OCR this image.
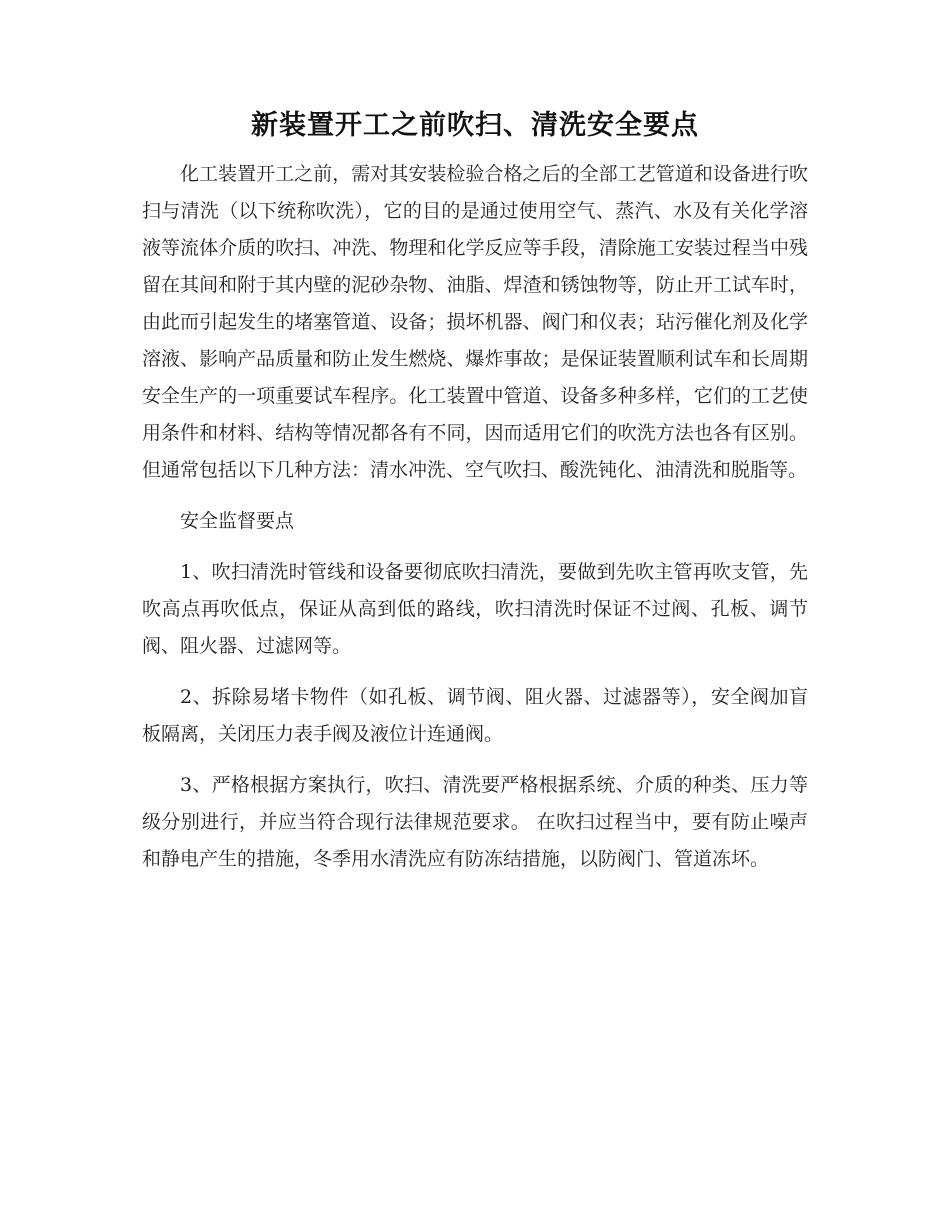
新装置开工之前吹扫、清洗安全要点

化工装置开工之前，需对其安装检验合格之后的全部工艺管道和设备进行吹扫与清洗（以下统称吹洗），它的目的是通过使用空气、蒸汽、水及有关化学溶液等流体介质的吹扫、冲洗、物理和化学反应等手段，清除施工安装过程当中残留在其间和附于其内壁的泥砂杂物、油脂、焊渣和锈蚀物等，防止开工试车时，由此而引起发生的堵塞管道、设备；损坏机器、阀门和仪表；玷污催化剂及化学溶液、影响产品质量和防止发生燃烧、爆炸事故；是保证装置顺利试车和长周期安全生产的一项重要试车程序。化工装置中管道、设备多种多样，它们的工艺使用条件和材料、结构等情况都各有不同，因而适用它们的吹洗方法也各有区别。但通常包括以下几种方法：清水冲洗、空气吹扫、酸洗钝化、油清洗和脱脂等。

安全监督要点

1、吹扫清洗时管线和设备要彻底吹扫清洗，要做到先吹主管再吹支管，先吹高点再吹低点，保证从高到低的路线，吹扫清洗时保证不过阀、孔板、调节阀、阻火器、过滤网等。

2、拆除易堵卡物件（如孔板、调节阀、阻火器、过滤器等），安全阀加盲板隔离，关闭压力表手阀及液位计连通阀。

3、严格根据方案执行，吹扫、清洗要严格根据系统、介质的种类、压力等级分别进行，并应当符合现行法律规范要求。 在吹扫过程当中，要有防止噪声和静电产生的措施，冬季用水清洗应有防冻结措施，以防阀门、管道冻坏。
